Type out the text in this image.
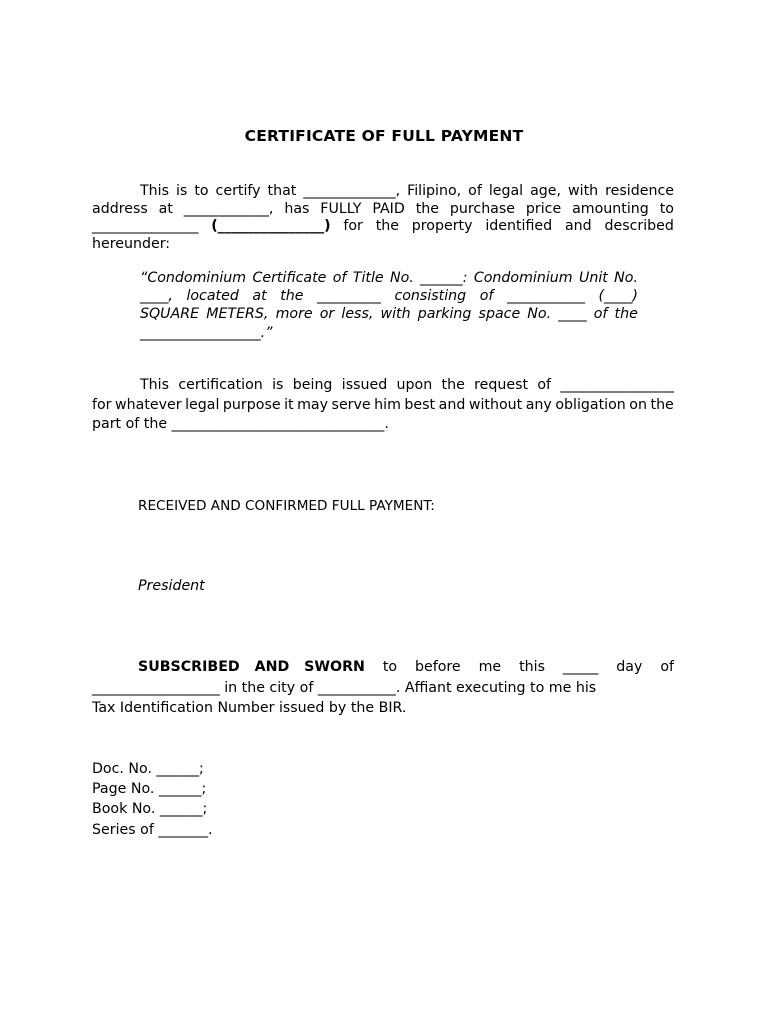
CERTIFICATE OF FULL PAYMENT
This is to certify that _____________, Filipino, of legal age, with residence
address at ____________, has FULLY PAID the purchase price amounting to
_______________ (_______________) for the property identified and described
hereunder:
“Condominium Certificate of Title No. ______: Condominium Unit No.
____, located at the _________ consisting of ___________ (____)
SQUARE METERS, more or less, with parking space No. ____ of the
_________________.”
This certification is being issued upon the request of ________________
for whatever legal purpose it may serve him best and without any obligation on the
part of the ______________________________.
RECEIVED AND CONFIRMED FULL PAYMENT:
President
SUBSCRIBED AND SWORN to before me this _____ day of
__________________ in the city of ___________. Affiant executing to me his
Tax Identification Number issued by the BIR.
Doc. No. ______;
Page No. ______;
Book No. ______;
Series of _______.
